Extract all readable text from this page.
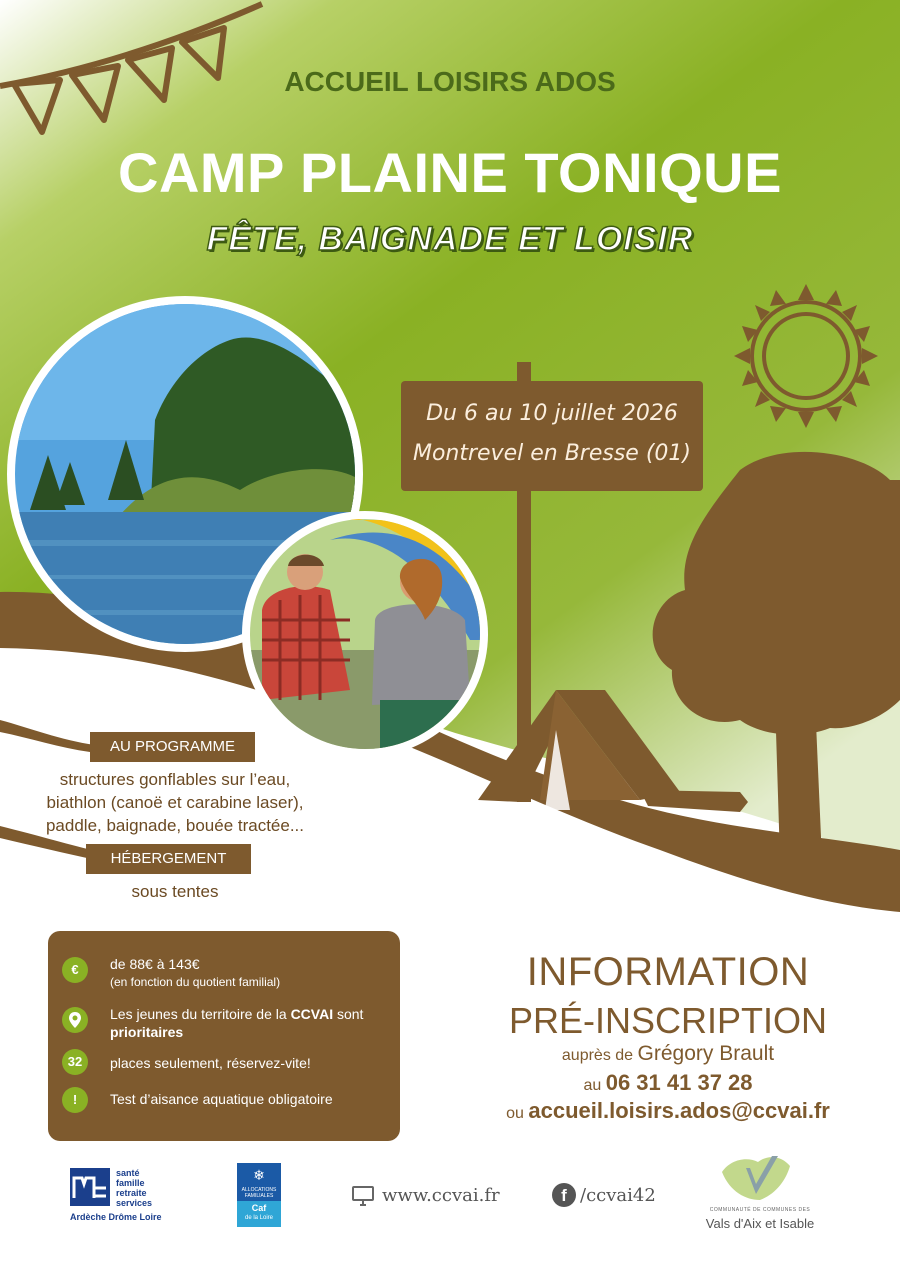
ACCUEIL LOISIRS ADOS
CAMP PLAINE TONIQUE
FÊTE, BAIGNADE ET LOISIR
Du 6 au 10 juillet 2026
Montrevel en Bresse (01)
AU PROGRAMME
structures gonflables sur l’eau,
biathlon (canoë et carabine laser),
paddle, baignade, bouée tractée...
HÉBERGEMENT
sous tentes
€	de 88€ à 143€
(en fonction du quotient familial)
Les jeunes du territoire de la CCVAI sont
prioritaires
32	places seulement, réservez-vite!
!	Test d’aisance aquatique obligatoire
INFORMATION
PRÉ-INSCRIPTION
auprès de Grégory Brault
au 06 31 41 37 28
ou accueil.loisirs.ados@ccvai.fr
santé
famille
retraite
services
Ardèche Drôme Loire
❄
ALLOCATIONS
FAMILIALES
Caf
de la Loire
www.ccvai.fr	f /ccvai42
COMMUNAUTÉ DE COMMUNES DES
Vals d'Aix et Isable
